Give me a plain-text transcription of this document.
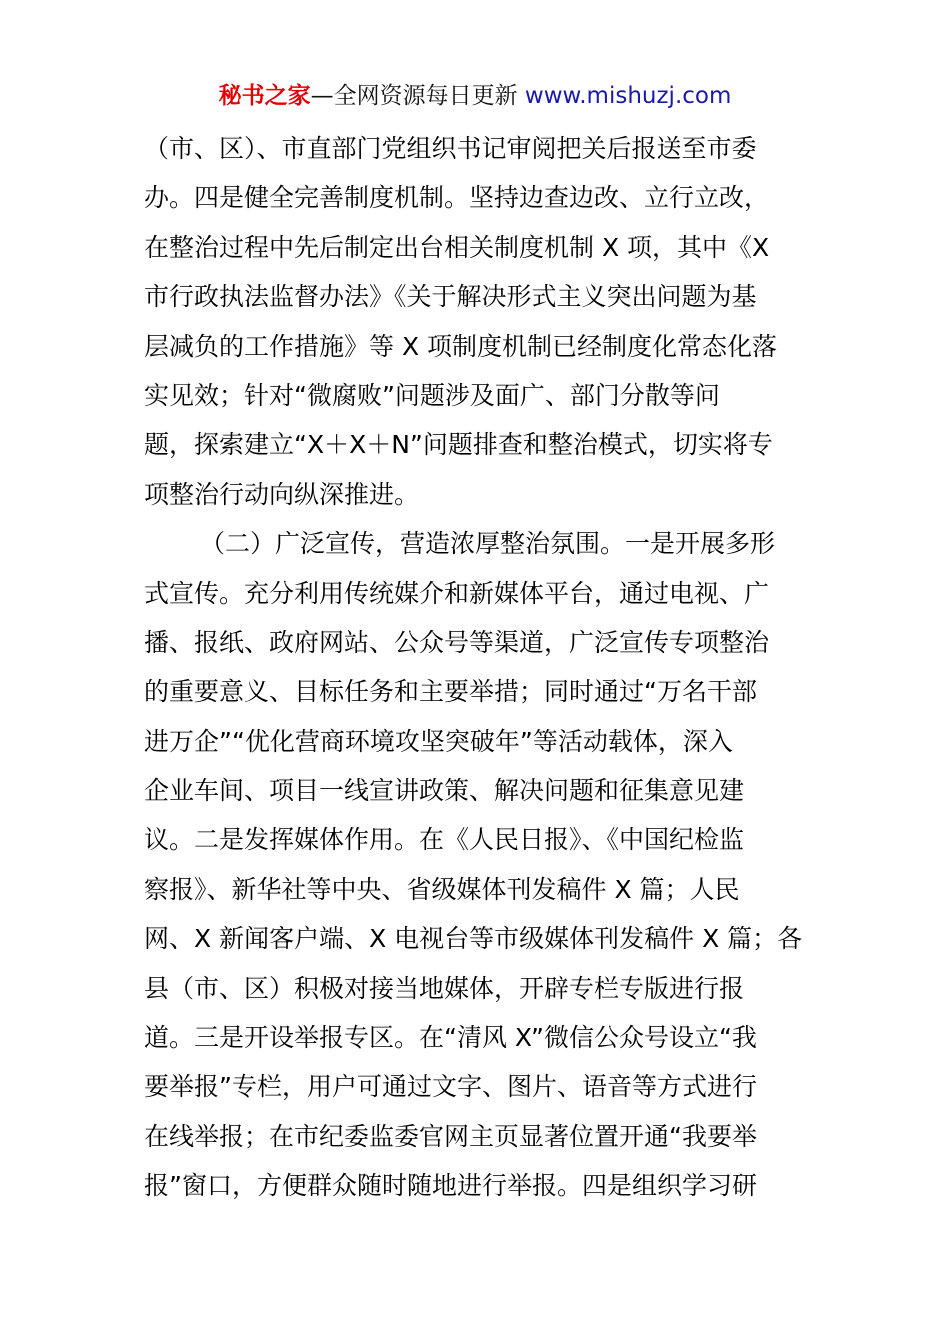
秘书之家—全网资源每日更新 www.mishuzj.com
（市、区）、市直部门党组织书记审阅把关后报送至市委
办。四是健全完善制度机制。坚持边查边改、立行立改，
在整治过程中先后制定出台相关制度机制 X 项，其中《X
市行政执法监督办法》《关于解决形式主义突出问题为基
层减负的工作措施》等 X 项制度机制已经制度化常态化落
实见效；针对“微腐败”问题涉及面广、部门分散等问
题，探索建立“X＋X＋N”问题排查和整治模式，切实将专
项整治行动向纵深推进。
（二）广泛宣传，营造浓厚整治氛围。一是开展多形
式宣传。充分利用传统媒介和新媒体平台，通过电视、广
播、报纸、政府网站、公众号等渠道，广泛宣传专项整治
的重要意义、目标任务和主要举措；同时通过“万名干部
进万企”“优化营商环境攻坚突破年”等活动载体，深入
企业车间、项目一线宣讲政策、解决问题和征集意见建
议。二是发挥媒体作用。在《人民日报》、《中国纪检监
察报》、新华社等中央、省级媒体刊发稿件 X 篇；人民
网、X 新闻客户端、X 电视台等市级媒体刊发稿件 X 篇；各
县（市、区）积极对接当地媒体，开辟专栏专版进行报
道。三是开设举报专区。在“清风 X”微信公众号设立“我
要举报”专栏，用户可通过文字、图片、语音等方式进行
在线举报；在市纪委监委官网主页显著位置开通“我要举
报”窗口，方便群众随时随地进行举报。四是组织学习研
